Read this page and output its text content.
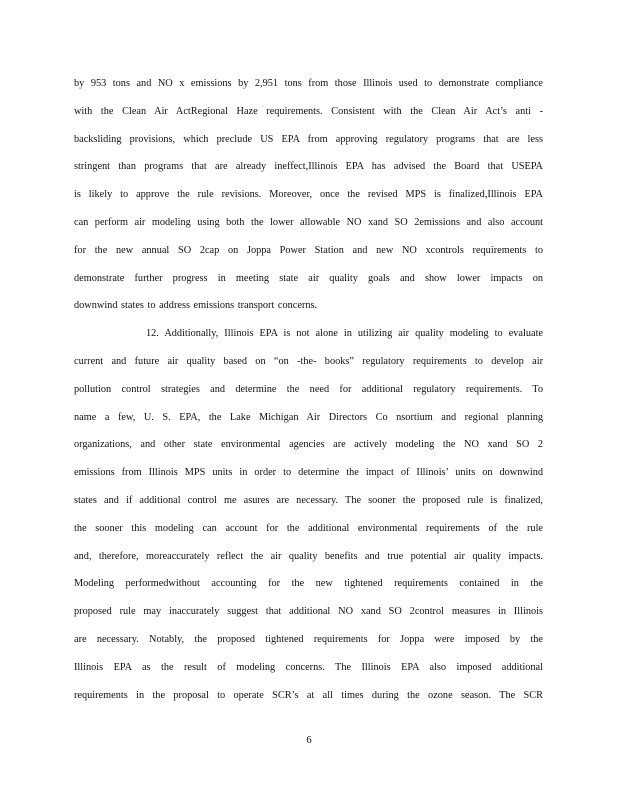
by 953 tons and NO x emissions by 2,951 tons from those Illinois used to demonstrate compliance
with the Clean Air ActRegional Haze requirements. Consistent with the Clean Air Act’s anti -
backsliding provisions, which preclude US EPA from approving regulatory programs that are less
stringent than programs that are already ineffect,Illinois EPA has advised the Board that USEPA
is likely to approve the rule revisions. Moreover, once the revised MPS is finalized,Illinois EPA
can perform air modeling using both the lower allowable NO xand SO 2emissions and also account
for the new annual SO 2cap on Joppa Power Station and new NO xcontrols requirements to
demonstrate further progress in meeting state air quality goals and show lower impacts on
downwind states to address emissions transport concerns.
12. Additionally, Illinois EPA is not alone in utilizing air quality modeling to evaluate
current and future air quality based on “on -the- books” regulatory requirements to develop air
pollution control strategies and determine the need for additional regulatory requirements. To
name a few, U. S. EPA, the Lake Michigan Air Directors Co nsortium and regional planning
organizations, and other state environmental agencies are actively modeling the NO xand SO 2
emissions from Illinois MPS units in order to determine the impact of Illinois’ units on downwind
states and if additional control me asures are necessary. The sooner the proposed rule is finalized,
the sooner this modeling can account for the additional environmental requirements of the rule
and, therefore, moreaccurately reflect the air quality benefits and true potential air quality impacts.
Modeling performedwithout accounting for the new tightened requirements contained in the
proposed rule may inaccurately suggest that additional NO xand SO 2control measures in Illinois
are necessary. Notably, the proposed tightened requirements for Joppa were imposed by the
Illinois EPA as the result of modeling concerns. The Illinois EPA also imposed additional
requirements in the proposal to operate SCR’s at all times during the ozone season. The SCR
6
